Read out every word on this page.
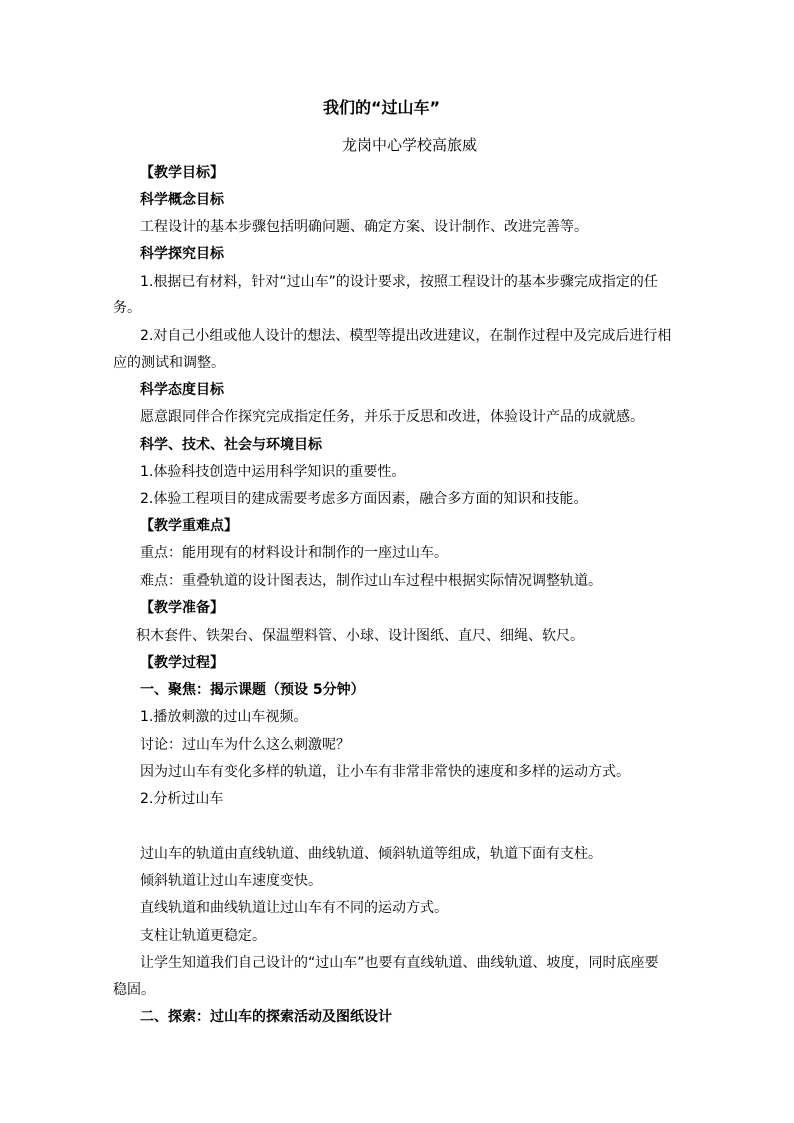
我们的“过山车”
龙岗中心学校高旅威
【教学目标】
科学概念目标
工程设计的基本步骤包括明确问题、确定方案、设计制作、改进完善等。
科学探究目标
1.根据已有材料，针对“过山车”的设计要求，按照工程设计的基本步骤完成指定的任
务。
2.对自己小组或他人设计的想法、模型等提出改进建议，在制作过程中及完成后进行相
应的测试和调整。
科学态度目标
愿意跟同伴合作探究完成指定任务，并乐于反思和改进，体验设计产品的成就感。
科学、技术、社会与环境目标
1.体验科技创造中运用科学知识的重要性。
2.体验工程项目的建成需要考虑多方面因素，融合多方面的知识和技能。
【教学重难点】
重点：能用现有的材料设计和制作的一座过山车。
难点：重叠轨道的设计图表达，制作过山车过程中根据实际情况调整轨道。
【教学准备】
积木套件、铁架台、保温塑料管、小球、设计图纸、直尺、细绳、软尺。
【教学过程】
一、聚焦：揭示课题（预设 5分钟）
1.播放刺激的过山车视频。
讨论：过山车为什么这么刺激呢？
因为过山车有变化多样的轨道，让小车有非常非常快的速度和多样的运动方式。
2.分析过山车
过山车的轨道由直线轨道、曲线轨道、倾斜轨道等组成，轨道下面有支柱。
倾斜轨道让过山车速度变快。
直线轨道和曲线轨道让过山车有不同的运动方式。
支柱让轨道更稳定。
让学生知道我们自己设计的“过山车”也要有直线轨道、曲线轨道、坡度，同时底座要
稳固。
二、探索：过山车的探索活动及图纸设计
